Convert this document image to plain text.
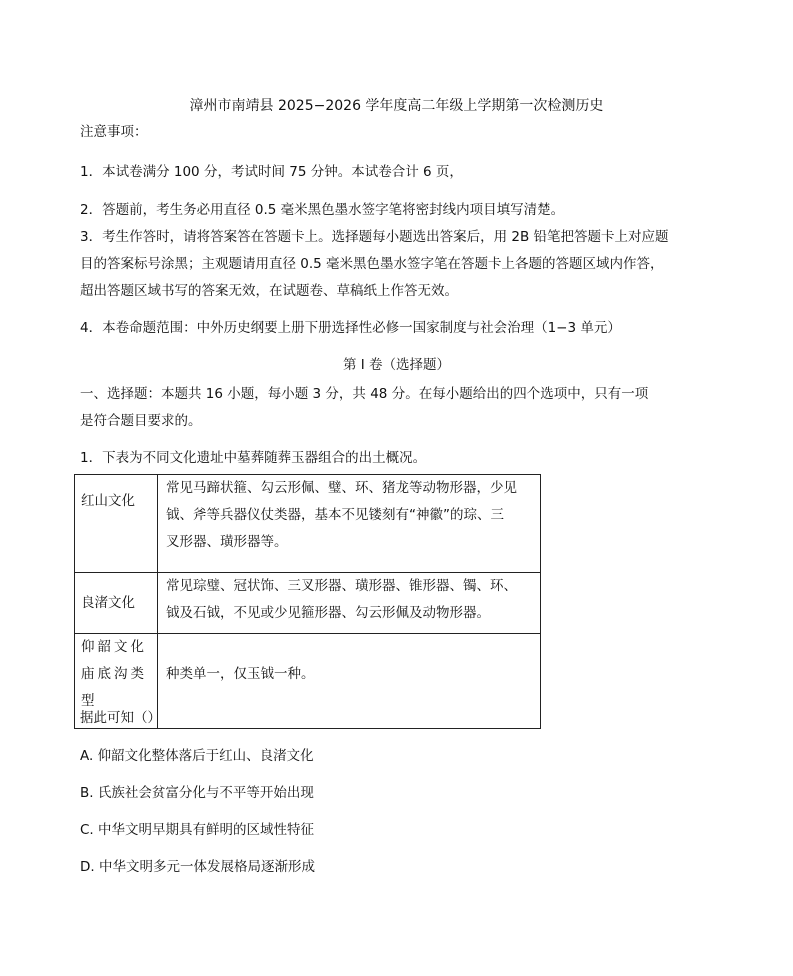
漳州市南靖县 2025−2026 学年度高二年级上学期第一次检测历史
注意事项：
1．本试卷满分 100 分，考试时间 75 分钟。本试卷合计 6 页，
2．答题前，考生务必用直径 0.5 毫米黑色墨水签字笔将密封线内项目填写清楚。
3．考生作答时，请将答案答在答题卡上。选择题每小题选出答案后，用 2B 铅笔把答题卡上对应题
目的答案标号涂黑；主观题请用直径 0.5 毫米黑色墨水签字笔在答题卡上各题的答题区域内作答，
超出答题区域书写的答案无效，在试题卷、草稿纸上作答无效。
4．本卷命题范围：中外历史纲要上册下册选择性必修一国家制度与社会治理（1−3 单元）
第 I 卷（选择题）
一、选择题：本题共 16 小题，每小题 3 分，共 48 分。在每小题给出的四个选项中，只有一项
是符合题目要求的。
1．下表为不同文化遗址中墓葬随葬玉器组合的出土概况。
红山文化	常见马蹄状箍、勾云形佩、璧、环、猪龙等动物形器，少见
钺、斧等兵器仪仗类器，基本不见镂刻有“神徽”的琮、三
叉形器、璜形器等。

良渚文化	常见琮璧、冠状饰、三叉形器、璜形器、锥形器、镯、环、
钺及石钺，不见或少见箍形器、勾云形佩及动物形器。

仰韶文化
庙底沟类
型	种类单一，仅玉钺一种。
据此可知（）
A. 仰韶文化整体落后于红山、良渚文化
B. 氏族社会贫富分化与不平等开始出现
C. 中华文明早期具有鲜明的区域性特征
D. 中华文明多元一体发展格局逐渐形成
